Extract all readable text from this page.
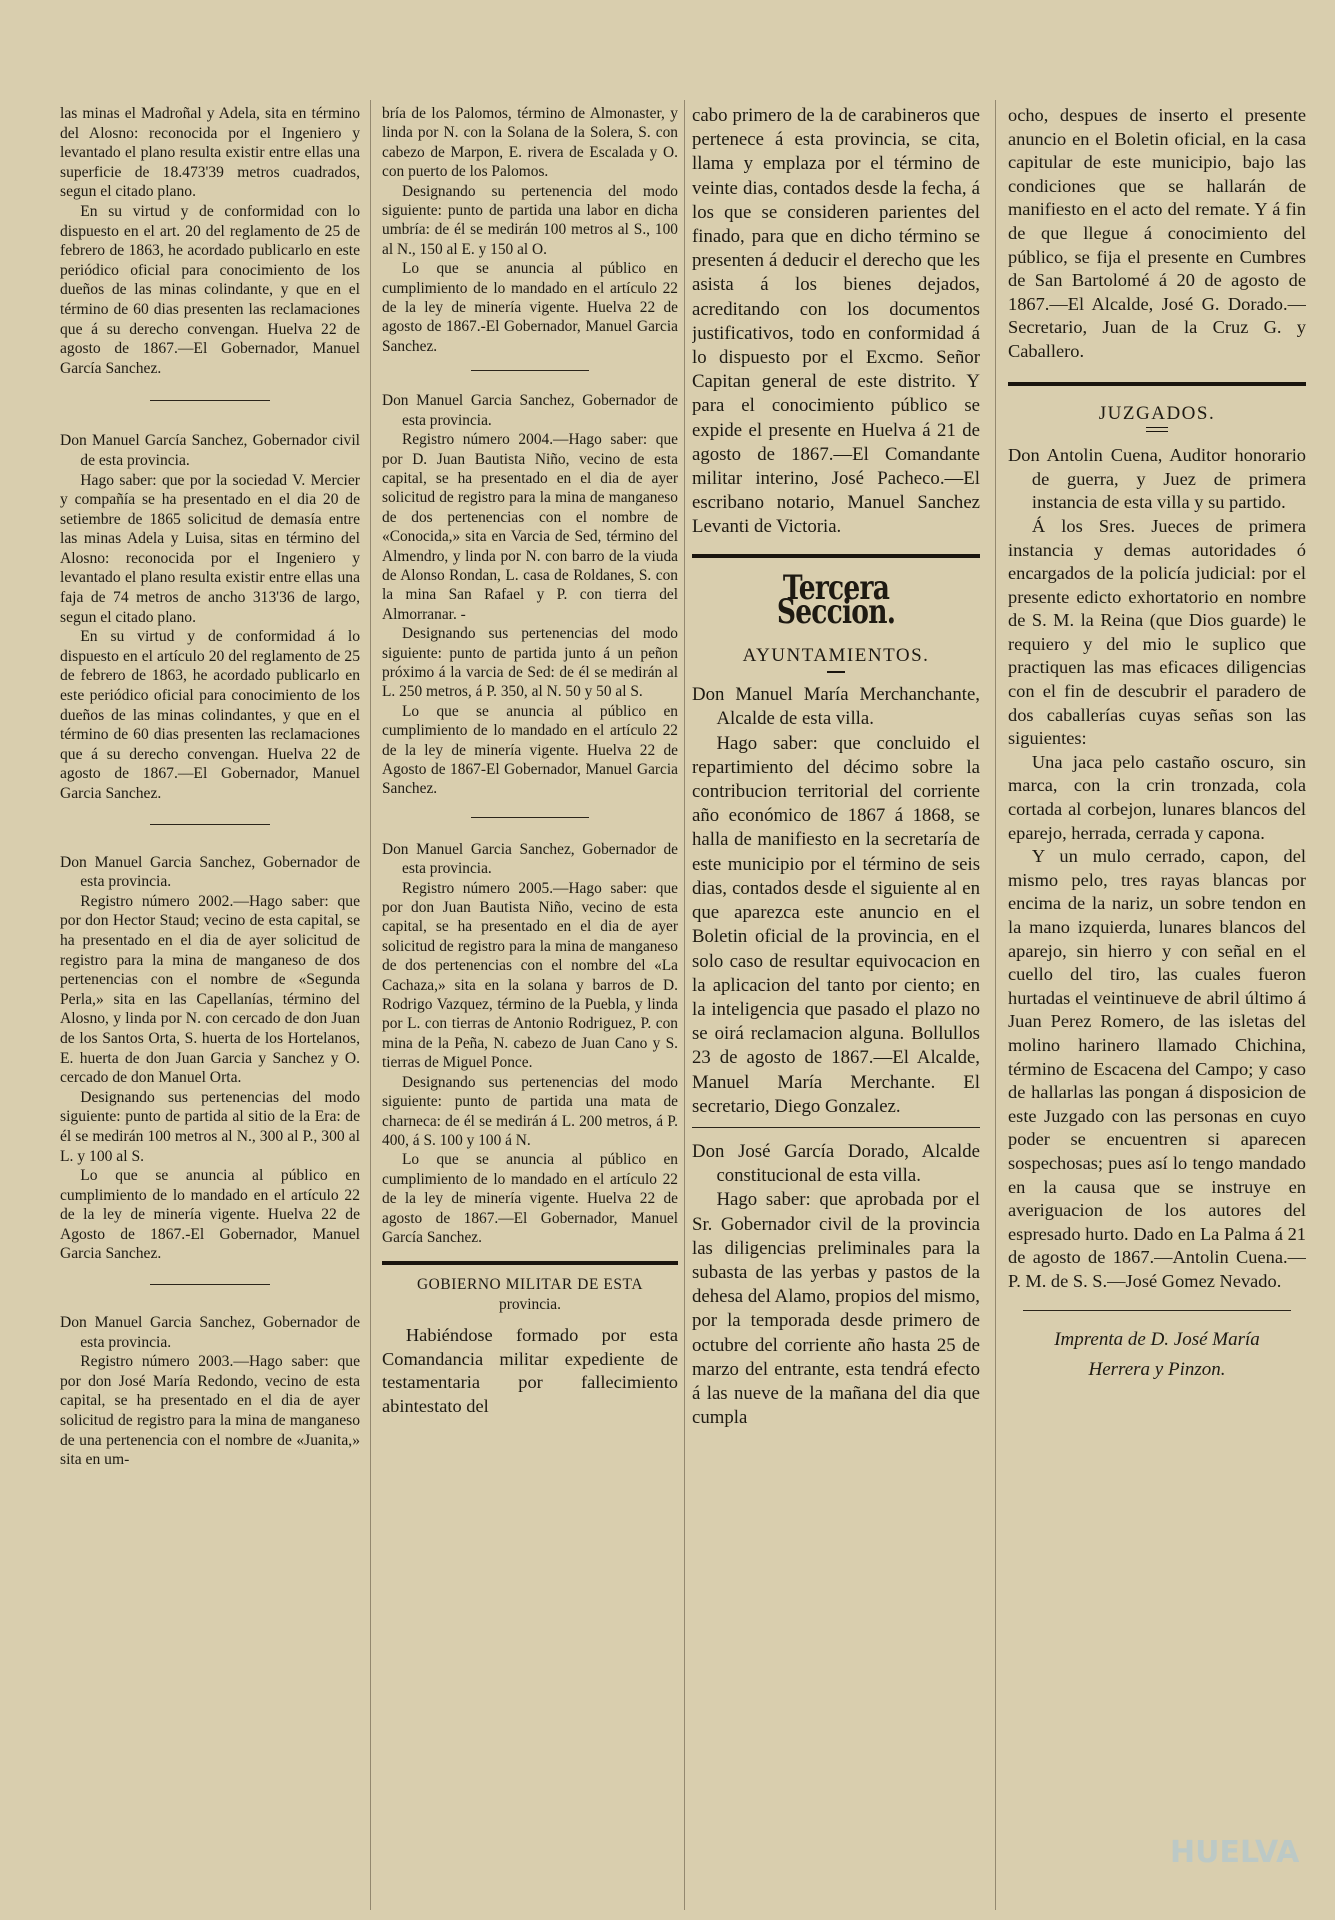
las minas el Madroñal y Adela, sita en término del Alosno: reconocida por el Ingeniero y levantado el plano resulta existir entre ellas una superficie de 18.473'39 metros cuadrados, segun el citado plano.

En su virtud y de conformidad con lo dispuesto en el art. 20 del reglamento de 25 de febrero de 1863, he acordado publicarlo en este periódico oficial para conocimiento de los dueños de las minas colindante, y que en el término de 60 dias presenten las reclamaciones que á su derecho convengan. Huelva 22 de agosto de 1867.—El Gobernador, Manuel García Sanchez.

Don Manuel García Sanchez, Gobernador civil de esta provincia.

Hago saber: que por la sociedad V. Mercier y compañía se ha presentado en el dia 20 de setiembre de 1865 solicitud de demasía entre las minas Adela y Luisa, sitas en término del Alosno: reconocida por el Ingeniero y levantado el plano resulta existir entre ellas una faja de 74 metros de ancho 313'36 de largo, segun el citado plano.

En su virtud y de conformidad á lo dispuesto en el artículo 20 del reglamento de 25 de febrero de 1863, he acordado publicarlo en este periódico oficial para conocimiento de los dueños de las minas colindantes, y que en el término de 60 dias presenten las reclamaciones que á su derecho convengan. Huelva 22 de agosto de 1867.—El Gobernador, Manuel Garcia Sanchez.

Don Manuel Garcia Sanchez, Gobernador de esta provincia.

Registro número 2002.—Hago saber: que por don Hector Staud; vecino de esta capital, se ha presentado en el dia de ayer solicitud de registro para la mina de manganeso de dos pertenencias con el nombre de «Segunda Perla,» sita en las Capellanías, término del Alosno, y linda por N. con cercado de don Juan de los Santos Orta, S. huerta de los Hortelanos, E. huerta de don Juan Garcia y Sanchez y O. cercado de don Manuel Orta.

Designando sus pertenencias del modo siguiente: punto de partida al sitio de la Era: de él se medirán 100 metros al N., 300 al P., 300 al L. y 100 al S.

Lo que se anuncia al público en cumplimiento de lo mandado en el artículo 22 de la ley de minería vigente. Huelva 22 de Agosto de 1867.-El Gobernador, Manuel Garcia Sanchez.

Don Manuel Garcia Sanchez, Gobernador de esta provincia.

Registro número 2003.—Hago saber: que por don José María Redondo, vecino de esta capital, se ha presentado en el dia de ayer solicitud de registro para la mina de manganeso de una pertenencia con el nombre de «Juanita,» sita en um-

bría de los Palomos, término de Almonaster, y linda por N. con la Solana de la Solera, S. con cabezo de Marpon, E. rivera de Escalada y O. con puerto de los Palomos.

Designando su pertenencia del modo siguiente: punto de partida una labor en dicha umbría: de él se medirán 100 metros al S., 100 al N., 150 al E. y 150 al O.

Lo que se anuncia al público en cumplimiento de lo mandado en el artículo 22 de la ley de minería vigente. Huelva 22 de agosto de 1867.-El Gobernador, Manuel Garcia Sanchez.

Don Manuel Garcia Sanchez, Gobernador de esta provincia.

Registro número 2004.—Hago saber: que por D. Juan Bautista Niño, vecino de esta capital, se ha presentado en el dia de ayer solicitud de registro para la mina de manganeso de dos pertenencias con el nombre de «Conocida,» sita en Varcia de Sed, término del Almendro, y linda por N. con barro de la viuda de Alonso Rondan, L. casa de Roldanes, S. con la mina San Rafael y P. con tierra del Almorranar. -

Designando sus pertenencias del modo siguiente: punto de partida junto á un peñon próximo á la varcia de Sed: de él se medirán al L. 250 metros, á P. 350, al N. 50 y 50 al S.

Lo que se anuncia al público en cumplimiento de lo mandado en el artículo 22 de la ley de minería vigente. Huelva 22 de Agosto de 1867-El Gobernador, Manuel Garcia Sanchez.

Don Manuel Garcia Sanchez, Gobernador de esta provincia.

Registro número 2005.—Hago saber: que por don Juan Bautista Niño, vecino de esta capital, se ha presentado en el dia de ayer solicitud de registro para la mina de manganeso de dos pertenencias con el nombre del «La Cachaza,» sita en la solana y barros de D. Rodrigo Vazquez, término de la Puebla, y linda por L. con tierras de Antonio Rodriguez, P. con mina de la Peña, N. cabezo de Juan Cano y S. tierras de Miguel Ponce.

Designando sus pertenencias del modo siguiente: punto de partida una mata de charneca: de él se medirán á L. 200 metros, á P. 400, á S. 100 y 100 á N.

Lo que se anuncia al público en cumplimiento de lo mandado en el artículo 22 de la ley de minería vigente. Huelva 22 de agosto de 1867.—El Gobernador, Manuel García Sanchez.

GOBIERNO MILITAR DE ESTA
provincia.

Habiéndose formado por esta Comandancia militar expediente de testamentaria por fallecimiento abintestato del

cabo primero de la de carabineros que pertenece á esta provincia, se cita, llama y emplaza por el término de veinte dias, contados desde la fecha, á los que se consideren parientes del finado, para que en dicho término se presenten á deducir el derecho que les asista á los bienes dejados, acreditando con los documentos justificativos, todo en conformidad á lo dispuesto por el Excmo. Señor Capitan general de este distrito. Y para el conocimiento público se expide el presente en Huelva á 21 de agosto de 1867.—El Comandante militar interino, José Pacheco.—El escribano notario, Manuel Sanchez Levanti de Victoria.

Tercera Seccion.
AYUNTAMIENTOS.

Don Manuel María Merchanchante, Alcalde de esta villa.

Hago saber: que concluido el repartimiento del décimo sobre la contribucion territorial del corriente año económico de 1867 á 1868, se halla de manifiesto en la secretaría de este municipio por el término de seis dias, contados desde el siguiente al en que aparezca este anuncio en el Boletin oficial de la provincia, en el solo caso de resultar equivocacion en la aplicacion del tanto por ciento; en la inteligencia que pasado el plazo no se oirá reclamacion alguna. Bollullos 23 de agosto de 1867.—El Alcalde, Manuel María Merchante. El secretario, Diego Gonzalez.

Don José García Dorado, Alcalde constitucional de esta villa.

Hago saber: que aprobada por el Sr. Gobernador civil de la provincia las diligencias preliminales para la subasta de las yerbas y pastos de la dehesa del Alamo, propios del mismo, por la temporada desde primero de octubre del corriente año hasta 25 de marzo del entrante, esta tendrá efecto á las nueve de la mañana del dia que cumpla

ocho, despues de inserto el presente anuncio en el Boletin oficial, en la casa capitular de este municipio, bajo las condiciones que se hallarán de manifiesto en el acto del remate. Y á fin de que llegue á conocimiento del público, se fija el presente en Cumbres de San Bartolomé á 20 de agosto de 1867.—El Alcalde, José G. Dorado.—Secretario, Juan de la Cruz G. y Caballero.

JUZGADOS.

Don Antolin Cuena, Auditor honorario de guerra, y Juez de primera instancia de esta villa y su partido.

Á los Sres. Jueces de primera instancia y demas autoridades ó encargados de la policía judicial: por el presente edicto exhortatorio en nombre de S. M. la Reina (que Dios guarde) le requiero y del mio le suplico que practiquen las mas eficaces diligencias con el fin de descubrir el paradero de dos caballerías cuyas señas son las siguientes:

Una jaca pelo castaño oscuro, sin marca, con la crin tronzada, cola cortada al corbejon, lunares blancos del eparejo, herrada, cerrada y capona.

Y un mulo cerrado, capon, del mismo pelo, tres rayas blancas por encima de la nariz, un sobre tendon en la mano izquierda, lunares blancos del aparejo, sin hierro y con señal en el cuello del tiro, las cuales fueron hurtadas el veintinueve de abril último á Juan Perez Romero, de las isletas del molino harinero llamado Chichina, término de Escacena del Campo; y caso de hallarlas las pongan á disposicion de este Juzgado con las personas en cuyo poder se encuentren si aparecen sospechosas; pues así lo tengo mandado en la causa que se instruye en averiguacion de los autores del espresado hurto. Dado en La Palma á 21 de agosto de 1867.—Antolin Cuena.—P. M. de S. S.—José Gomez Nevado.

Imprenta de D. José María
Herrera y Pinzon.
HUELVA
